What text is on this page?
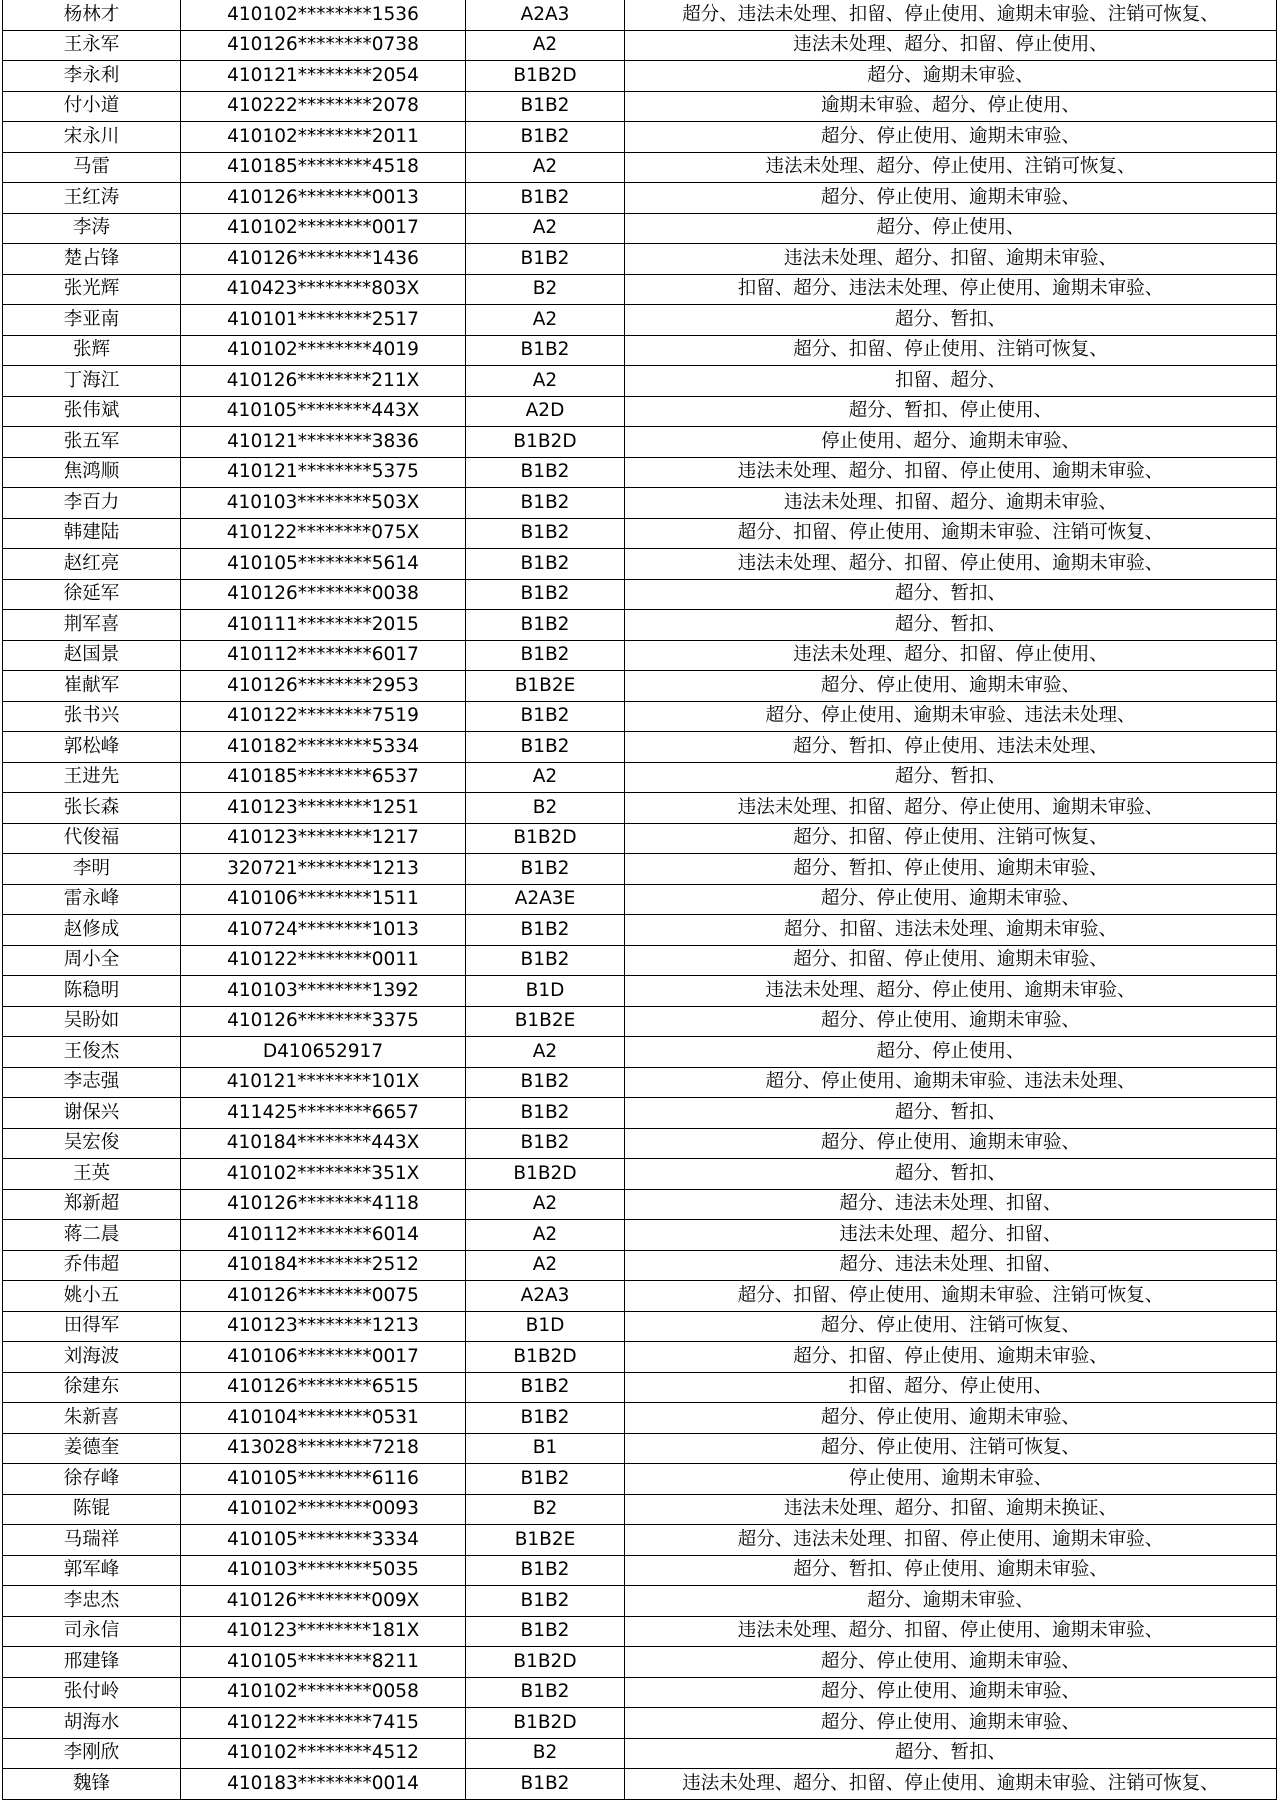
杨林才	410102********1536	A2A3	超分、违法未处理、扣留、停止使用、逾期未审验、注销可恢复、
王永军	410126********0738	A2	违法未处理、超分、扣留、停止使用、
李永利	410121********2054	B1B2D	超分、逾期未审验、
付小道	410222********2078	B1B2	逾期未审验、超分、停止使用、
宋永川	410102********2011	B1B2	超分、停止使用、逾期未审验、
马雷	410185********4518	A2	违法未处理、超分、停止使用、注销可恢复、
王红涛	410126********0013	B1B2	超分、停止使用、逾期未审验、
李涛	410102********0017	A2	超分、停止使用、
楚占锋	410126********1436	B1B2	违法未处理、超分、扣留、逾期未审验、
张光辉	410423********803X	B2	扣留、超分、违法未处理、停止使用、逾期未审验、
李亚南	410101********2517	A2	超分、暂扣、
张辉	410102********4019	B1B2	超分、扣留、停止使用、注销可恢复、
丁海江	410126********211X	A2	扣留、超分、
张伟斌	410105********443X	A2D	超分、暂扣、停止使用、
张五军	410121********3836	B1B2D	停止使用、超分、逾期未审验、
焦鸿顺	410121********5375	B1B2	违法未处理、超分、扣留、停止使用、逾期未审验、
李百力	410103********503X	B1B2	违法未处理、扣留、超分、逾期未审验、
韩建陆	410122********075X	B1B2	超分、扣留、停止使用、逾期未审验、注销可恢复、
赵红亮	410105********5614	B1B2	违法未处理、超分、扣留、停止使用、逾期未审验、
徐延军	410126********0038	B1B2	超分、暂扣、
荆军喜	410111********2015	B1B2	超分、暂扣、
赵国景	410112********6017	B1B2	违法未处理、超分、扣留、停止使用、
崔献军	410126********2953	B1B2E	超分、停止使用、逾期未审验、
张书兴	410122********7519	B1B2	超分、停止使用、逾期未审验、违法未处理、
郭松峰	410182********5334	B1B2	超分、暂扣、停止使用、违法未处理、
王进先	410185********6537	A2	超分、暂扣、
张长森	410123********1251	B2	违法未处理、扣留、超分、停止使用、逾期未审验、
代俊福	410123********1217	B1B2D	超分、扣留、停止使用、注销可恢复、
李明	320721********1213	B1B2	超分、暂扣、停止使用、逾期未审验、
雷永峰	410106********1511	A2A3E	超分、停止使用、逾期未审验、
赵修成	410724********1013	B1B2	超分、扣留、违法未处理、逾期未审验、
周小全	410122********0011	B1B2	超分、扣留、停止使用、逾期未审验、
陈稳明	410103********1392	B1D	违法未处理、超分、停止使用、逾期未审验、
吴盼如	410126********3375	B1B2E	超分、停止使用、逾期未审验、
王俊杰	D410652917	A2	超分、停止使用、
李志强	410121********101X	B1B2	超分、停止使用、逾期未审验、违法未处理、
谢保兴	411425********6657	B1B2	超分、暂扣、
吴宏俊	410184********443X	B1B2	超分、停止使用、逾期未审验、
王英	410102********351X	B1B2D	超分、暂扣、
郑新超	410126********4118	A2	超分、违法未处理、扣留、
蒋二晨	410112********6014	A2	违法未处理、超分、扣留、
乔伟超	410184********2512	A2	超分、违法未处理、扣留、
姚小五	410126********0075	A2A3	超分、扣留、停止使用、逾期未审验、注销可恢复、
田得军	410123********1213	B1D	超分、停止使用、注销可恢复、
刘海波	410106********0017	B1B2D	超分、扣留、停止使用、逾期未审验、
徐建东	410126********6515	B1B2	扣留、超分、停止使用、
朱新喜	410104********0531	B1B2	超分、停止使用、逾期未审验、
姜德奎	413028********7218	B1	超分、停止使用、注销可恢复、
徐存峰	410105********6116	B1B2	停止使用、逾期未审验、
陈锟	410102********0093	B2	违法未处理、超分、扣留、逾期未换证、
马瑞祥	410105********3334	B1B2E	超分、违法未处理、扣留、停止使用、逾期未审验、
郭军峰	410103********5035	B1B2	超分、暂扣、停止使用、逾期未审验、
李忠杰	410126********009X	B1B2	超分、逾期未审验、
司永信	410123********181X	B1B2	违法未处理、超分、扣留、停止使用、逾期未审验、
邢建锋	410105********8211	B1B2D	超分、停止使用、逾期未审验、
张付岭	410102********0058	B1B2	超分、停止使用、逾期未审验、
胡海水	410122********7415	B1B2D	超分、停止使用、逾期未审验、
李刚欣	410102********4512	B2	超分、暂扣、
魏锋	410183********0014	B1B2	违法未处理、超分、扣留、停止使用、逾期未审验、注销可恢复、
